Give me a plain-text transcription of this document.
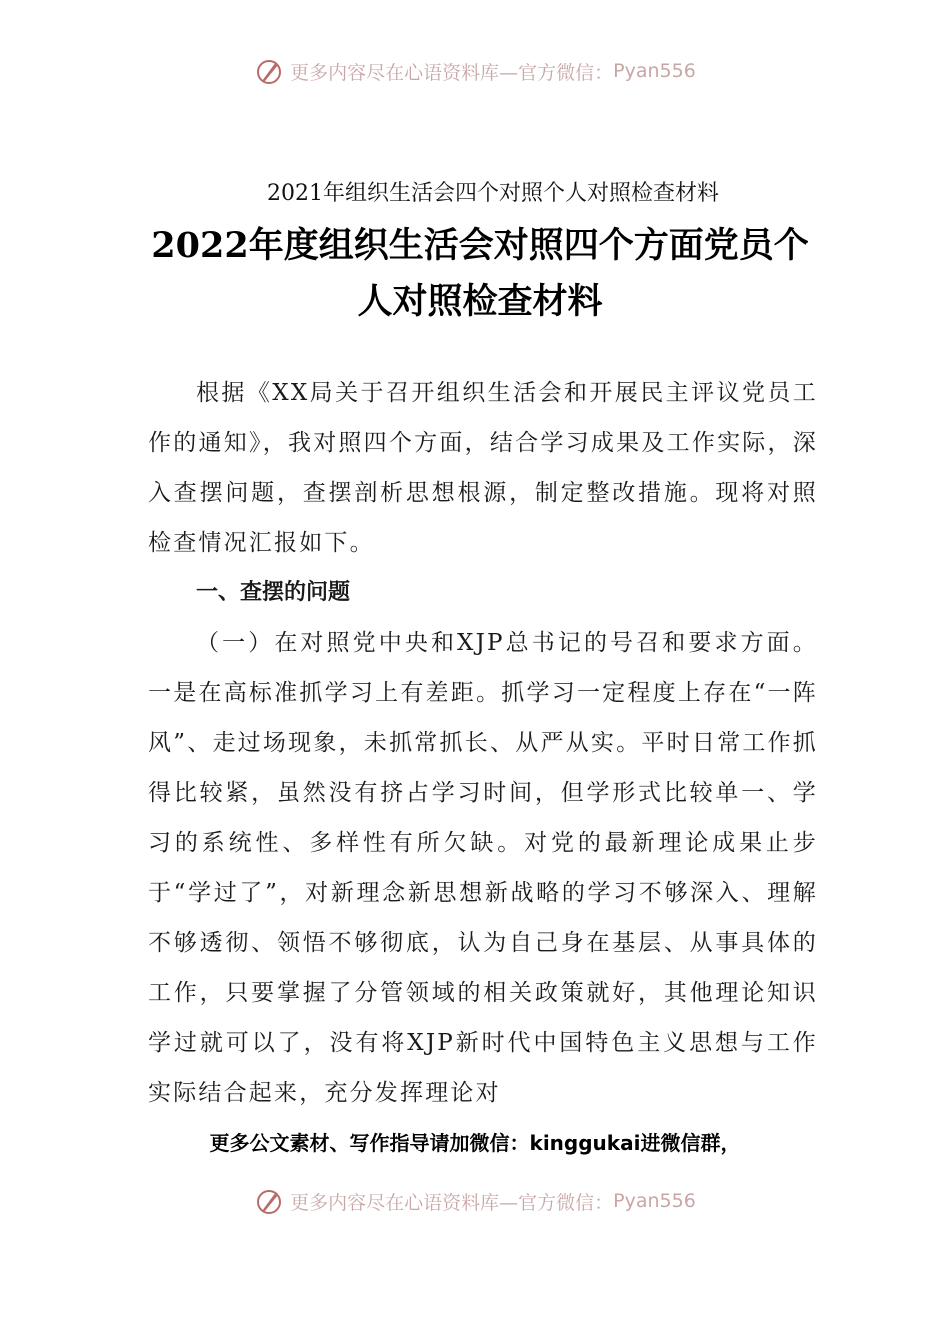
更多内容尽在心语资料库—官方微信： Pyan556
2021年组织生活会四个对照个人对照检查材料
2022年度组织生活会对照四个方面党员个人对照检查材料

根据《XX局关于召开组织生活会和开展民主评议党员工作的通知》，我对照四个方面，结合学习成果及工作实际，深入查摆问题，查摆剖析思想根源，制定整改措施。现将对照检查情况汇报如下。

一、查摆的问题

（一）在对照党中央和XJP总书记的号召和要求方面。一是在高标准抓学习上有差距。抓学习一定程度上存在“一阵风”、走过场现象，未抓常抓长、从严从实。平时日常工作抓得比较紧，虽然没有挤占学习时间，但学形式比较单一、学习的系统性、多样性有所欠缺。对党的最新理论成果止步于“学过了”，对新理念新思想新战略的学习不够深入、理解不够透彻、领悟不够彻底，认为自己身在基层、从事具体的工作，只要掌握了分管领域的相关政策就好，其他理论知识学过就可以了，没有将XJP新时代中国特色主义思想与工作实际结合起来，充分发挥理论对

更多公文素材、写作指导请加微信：kinggukai进微信群，
更多内容尽在心语资料库—官方微信： Pyan556
